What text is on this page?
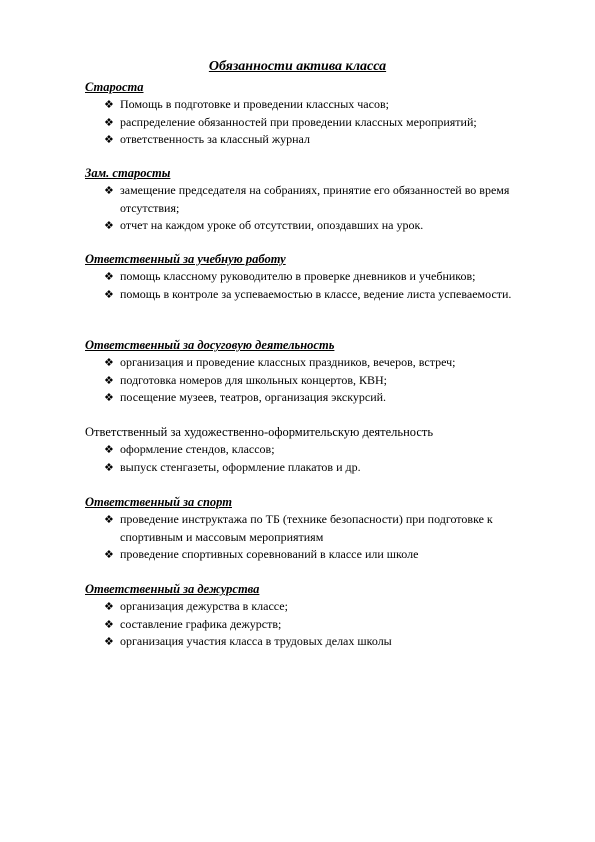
Обязанности актива класса
Староста
❖ Помощь в подготовке и проведении классных часов;
❖ распределение обязанностей при проведении классных мероприятий;
❖ ответственность за классный журнал
Зам. старосты
❖ замещение председателя на собраниях, принятие его обязанностей во время отсутствия;
❖ отчет на каждом уроке об отсутствии, опоздавших на урок.
Ответственный за учебную работу
❖ помощь классному руководителю в проверке дневников и учебников;
❖ помощь в контроле за успеваемостью в классе, ведение листа успеваемости.
Ответственный за досуговую деятельность
❖ организация и проведение классных праздников, вечеров, встреч;
❖ подготовка номеров для школьных концертов, КВН;
❖ посещение музеев, театров, организация экскурсий.
Ответственный за художественно-оформительскую деятельность
❖ оформление стендов, классов;
❖ выпуск стенгазеты, оформление плакатов и др.
Ответственный за спорт
❖ проведение инструктажа по ТБ (технике безопасности) при подготовке к спортивным и массовым мероприятиям
❖ проведение спортивных соревнований в классе или школе
Ответственный за дежурства
❖ организация дежурства в классе;
❖ составление графика дежурств;
❖ организация участия класса в трудовых делах школы
